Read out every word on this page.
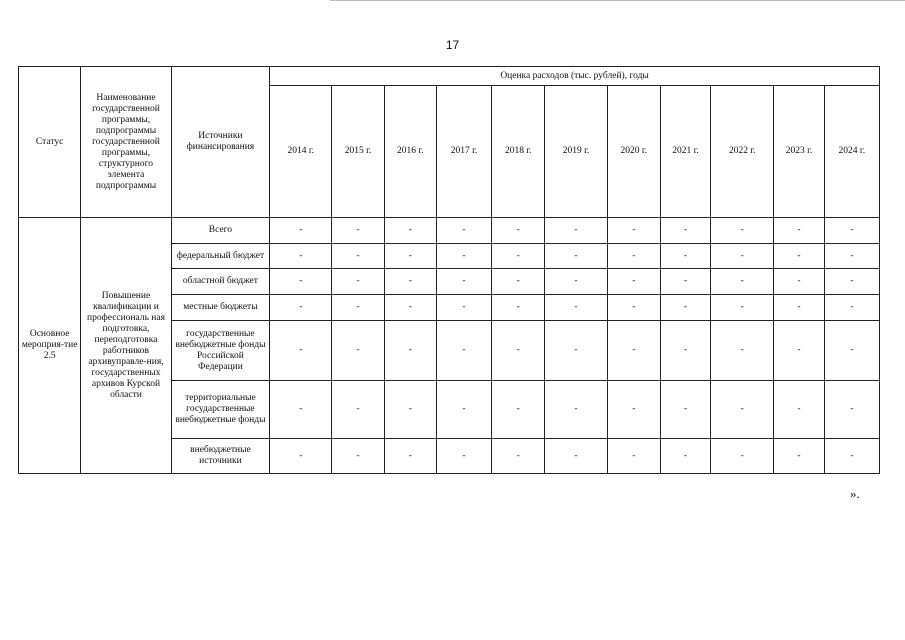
17
Статус	Наименование государственной программы, подпрограммы государственной программы, структурного элемента подпрограммы	Источники финансирования	Оценка расходов (тыс. рублей), годы										
			2014 г.	2015 г.	2016 г.	2017 г.	2018 г.	2019 г.	2020 г.	2021 г.	2022 г.	2023 г.	2024 г.
Основное мероприя-тие 2.5	Повышение квалификации и профессиональ ная подготовка, переподготовка работников архивуправле-ния, государственных архивов Курской области	Всего	-	-	-	-	-	-	-	-	-	-	-
		федеральный бюджет	-	-	-	-	-	-	-	-	-	-	-
		областной бюджет	-	-	-	-	-	-	-	-	-	-	-
		местные бюджеты	-	-	-	-	-	-	-	-	-	-	-
		государственные внебюджетные фонды Российской Федерации	-	-	-	-	-	-	-	-	-	-	-
		территориальные государственные внебюджетные фонды	-	-	-	-	-	-	-	-	-	-	-
		внебюджетные источники	-	-	-	-	-	-	-	-	-	-	-
».
